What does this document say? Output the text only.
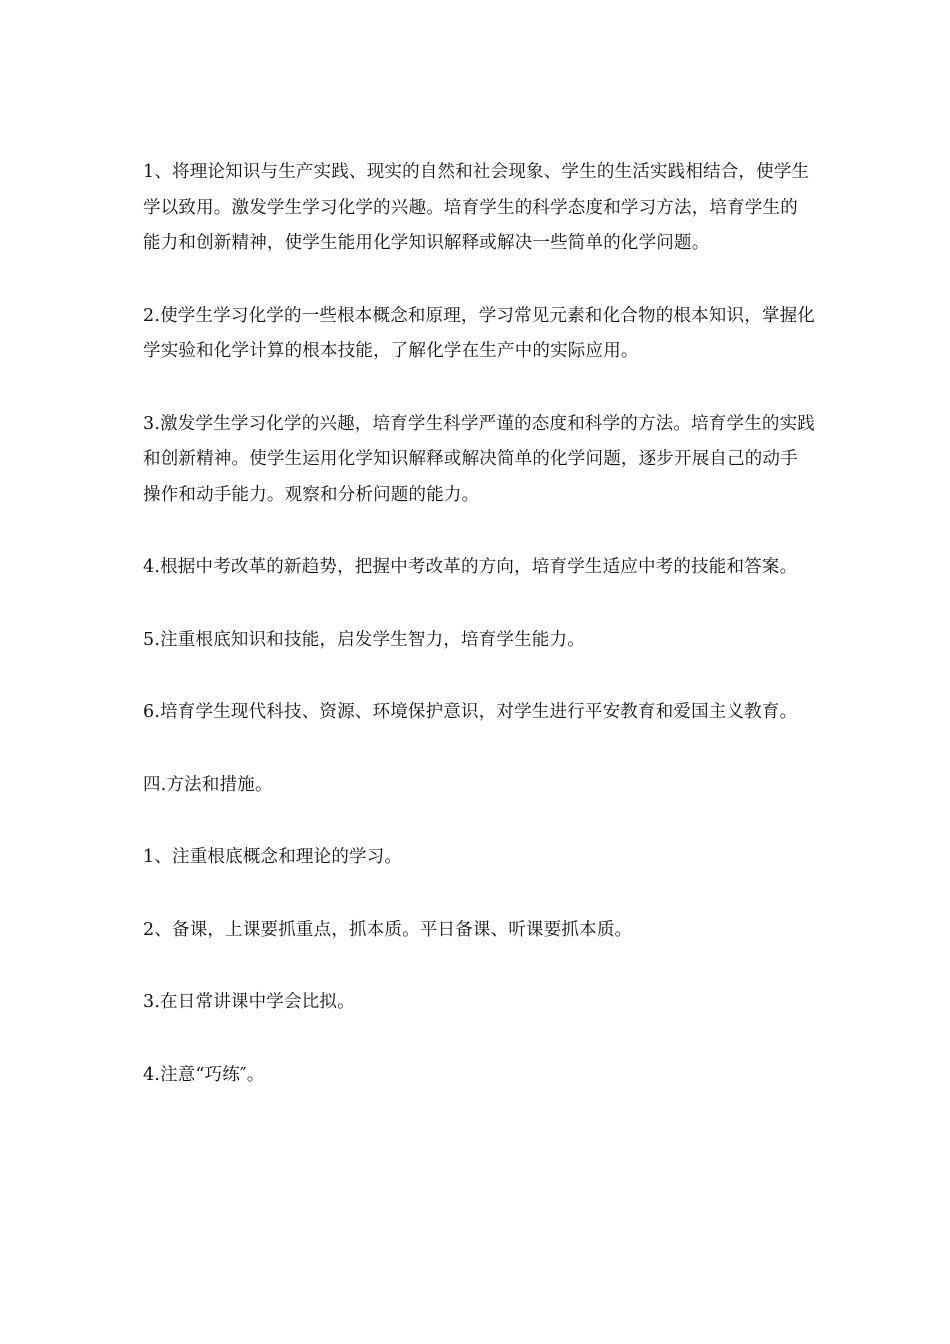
1、将理论知识与生产实践、现实的自然和社会现象、学生的生活实践相结合，使学生学以致用。激发学生学习化学的兴趣。培育学生的科学态度和学习方法，培育学生的能力和创新精神，使学生能用化学知识解释或解决一些简单的化学问题。

2.使学生学习化学的一些根本概念和原理，学习常见元素和化合物的根本知识，掌握化学实验和化学计算的根本技能，了解化学在生产中的实际应用。

3.激发学生学习化学的兴趣，培育学生科学严谨的态度和科学的方法。培育学生的实践和创新精神。使学生运用化学知识解释或解决简单的化学问题，逐步开展自己的动手操作和动手能力。观察和分析问题的能力。

4.根据中考改革的新趋势，把握中考改革的方向，培育学生适应中考的技能和答案。

5.注重根底知识和技能，启发学生智力，培育学生能力。

6.培育学生现代科技、资源、环境保护意识，对学生进行平安教育和爱国主义教育。

四.方法和措施。

1、注重根底概念和理论的学习。

2、备课，上课要抓重点，抓本质。平日备课、听课要抓本质。

3.在日常讲课中学会比拟。

4.注意“巧练″。
